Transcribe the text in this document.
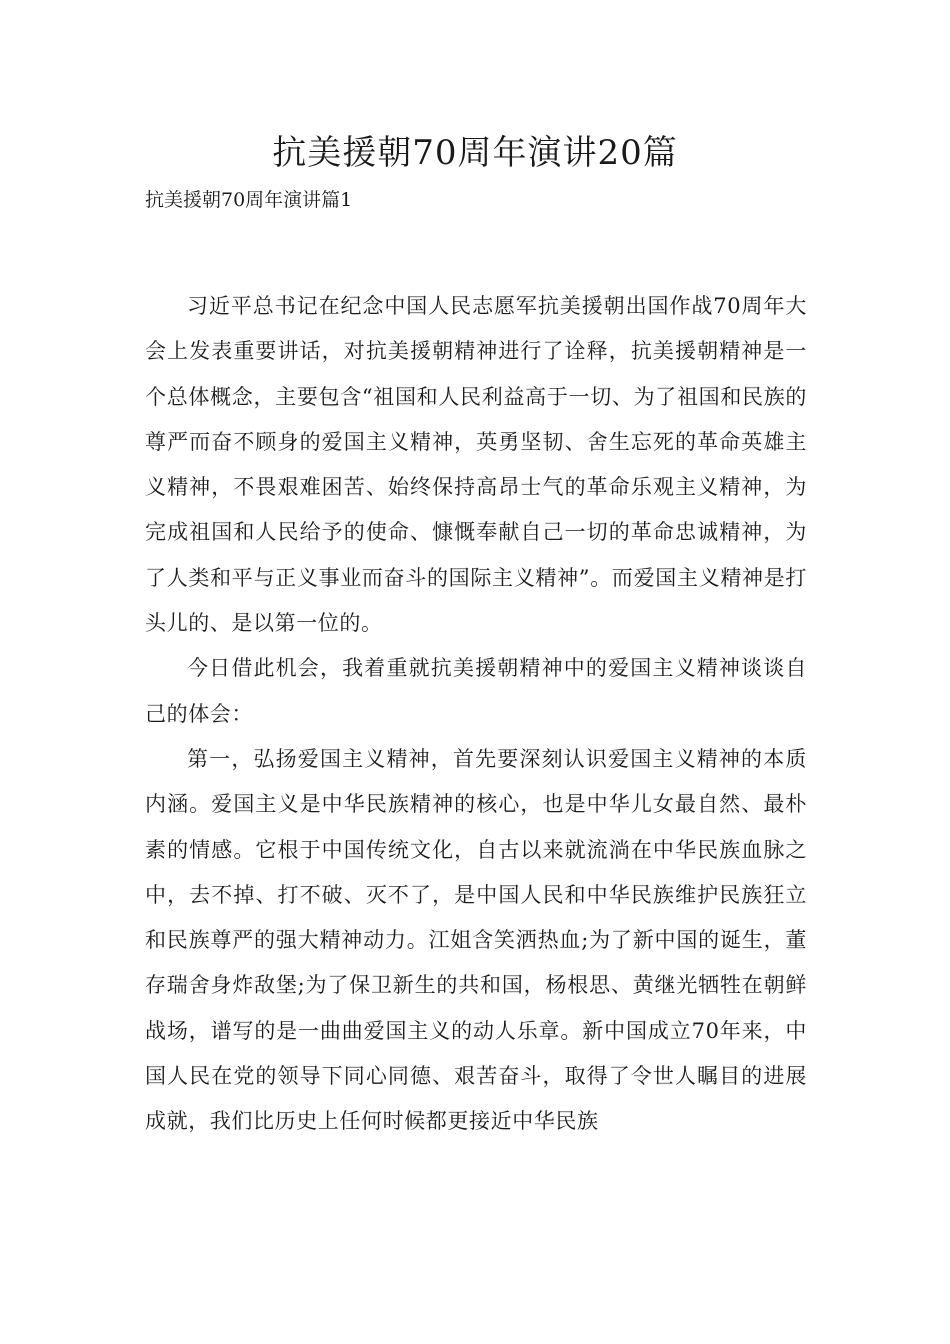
抗美援朝70周年演讲20篇
抗美援朝70周年演讲篇1

习近平总书记在纪念中国人民志愿军抗美援朝出国作战70周年大会上发表重要讲话，对抗美援朝精神进行了诠释，抗美援朝精神是一个总体概念，主要包含“祖国和人民利益高于一切、为了祖国和民族的尊严而奋不顾身的爱国主义精神，英勇坚韧、舍生忘死的革命英雄主义精神，不畏艰难困苦、始终保持高昂士气的革命乐观主义精神，为完成祖国和人民给予的使命、慷慨奉献自己一切的革命忠诚精神，为了人类和平与正义事业而奋斗的国际主义精神”。而爱国主义精神是打头儿的、是以第一位的。

今日借此机会，我着重就抗美援朝精神中的爱国主义精神谈谈自己的体会：

第一，弘扬爱国主义精神，首先要深刻认识爱国主义精神的本质内涵。爱国主义是中华民族精神的核心，也是中华儿女最自然、最朴素的情感。它根于中国传统文化，自古以来就流淌在中华民族血脉之中，去不掉、打不破、灭不了，是中国人民和中华民族维护民族狂立和民族尊严的强大精神动力。江姐含笑洒热血;为了新中国的诞生，董存瑞舍身炸敌堡;为了保卫新生的共和国，杨根思、黄继光牺牲在朝鲜战场，谱写的是一曲曲爱国主义的动人乐章。新中国成立70年来，中国人民在党的领导下同心同德、艰苦奋斗，取得了令世人瞩目的进展成就，我们比历史上任何时候都更接近中华民族
